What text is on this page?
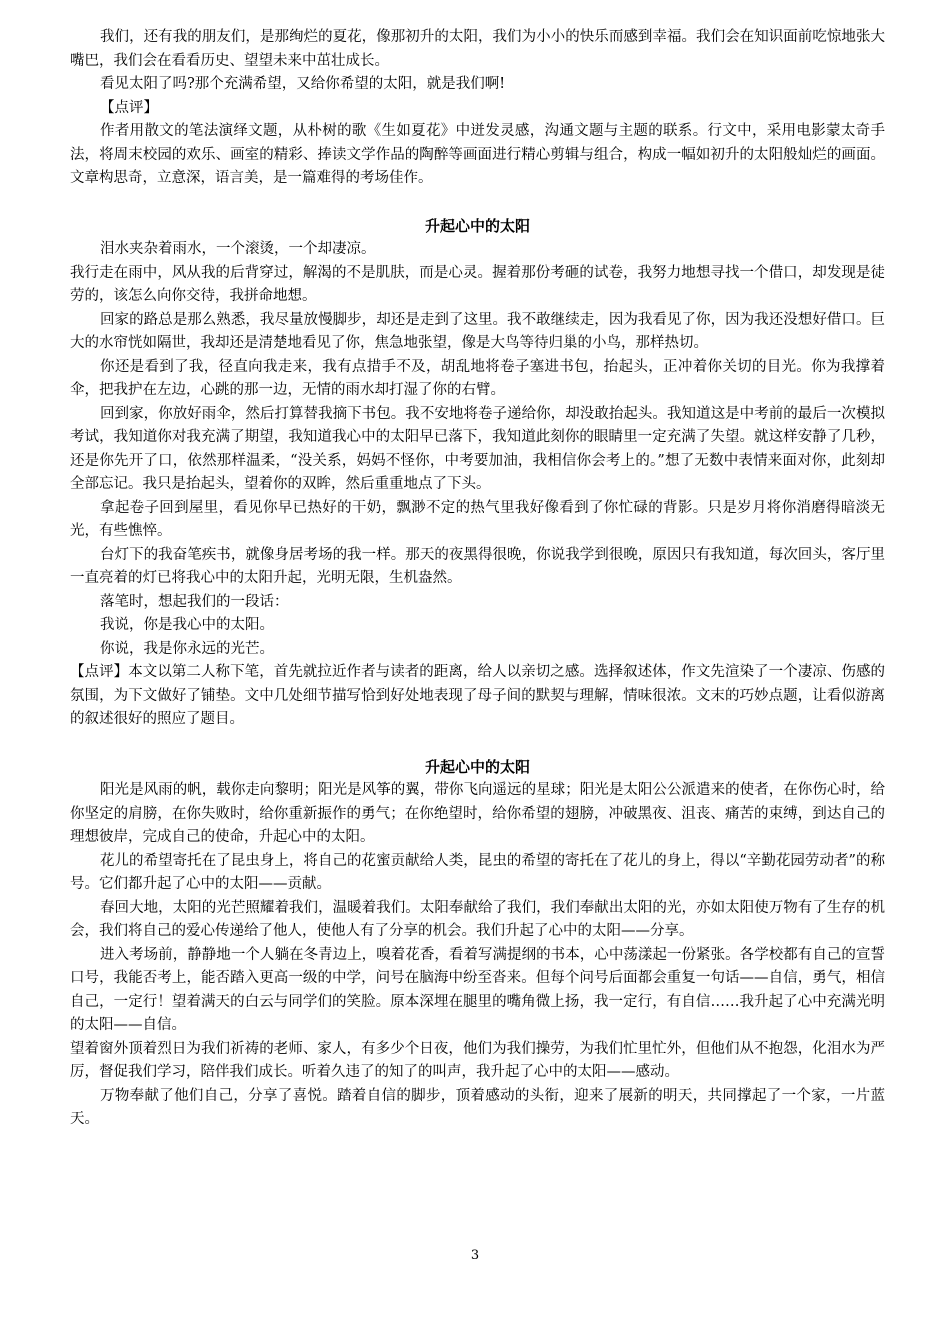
我们，还有我的朋友们，是那绚烂的夏花，像那初升的太阳，我们为小小的快乐而感到幸福。我们会在知识面前吃惊地张大嘴巴，我们会在看看历史、望望未来中茁壮成长。

看见太阳了吗?那个充满希望，又给你希望的太阳，就是我们啊!

【点评】

作者用散文的笔法演绎文题，从朴树的歌《生如夏花》中迸发灵感，沟通文题与主题的联系。行文中，采用电影蒙太奇手法，将周末校园的欢乐、画室的精彩、捧读文学作品的陶醉等画面进行精心剪辑与组合，构成一幅如初升的太阳般灿烂的画面。文章构思奇，立意深，语言美，是一篇难得的考场佳作。

升起心中的太阳

泪水夹杂着雨水，一个滚烫，一个却凄凉。

我行走在雨中，风从我的后背穿过，解渴的不是肌肤，而是心灵。握着那份考砸的试卷，我努力地想寻找一个借口，却发现是徒劳的，该怎么向你交待，我拼命地想。

回家的路总是那么熟悉，我尽量放慢脚步，却还是走到了这里。我不敢继续走，因为我看见了你，因为我还没想好借口。巨大的水帘恍如隔世，我却还是清楚地看见了你，焦急地张望，像是大鸟等待归巢的小鸟，那样热切。

你还是看到了我，径直向我走来，我有点措手不及，胡乱地将卷子塞进书包，抬起头，正冲着你关切的目光。你为我撑着伞，把我护在左边，心跳的那一边，无情的雨水却打湿了你的右臂。

回到家，你放好雨伞，然后打算替我摘下书包。我不安地将卷子递给你，却没敢抬起头。我知道这是中考前的最后一次模拟考试，我知道你对我充满了期望，我知道我心中的太阳早已落下，我知道此刻你的眼睛里一定充满了失望。就这样安静了几秒，还是你先开了口，依然那样温柔，“没关系，妈妈不怪你，中考要加油，我相信你会考上的。”想了无数中表情来面对你，此刻却全部忘记。我只是抬起头，望着你的双眸，然后重重地点了下头。

拿起卷子回到屋里，看见你早已热好的干奶，飘渺不定的热气里我好像看到了你忙碌的背影。只是岁月将你消磨得暗淡无光，有些憔悴。

台灯下的我奋笔疾书，就像身居考场的我一样。那天的夜黑得很晚，你说我学到很晚，原因只有我知道，每次回头，客厅里一直亮着的灯已将我心中的太阳升起，光明无限，生机盎然。

落笔时，想起我们的一段话：

我说，你是我心中的太阳。

你说，我是你永远的光芒。

【点评】本文以第二人称下笔，首先就拉近作者与读者的距离，给人以亲切之感。选择叙述体，作文先渲染了一个凄凉、伤感的氛围，为下文做好了铺垫。文中几处细节描写恰到好处地表现了母子间的默契与理解，情味很浓。文末的巧妙点题，让看似游离的叙述很好的照应了题目。

升起心中的太阳

阳光是风雨的帆，载你走向黎明；阳光是风筝的翼，带你飞向遥远的星球；阳光是太阳公公派遣来的使者，在你伤心时，给你坚定的肩膀，在你失败时，给你重新振作的勇气；在你绝望时，给你希望的翅膀，冲破黑夜、沮丧、痛苦的束缚，到达自己的理想彼岸，完成自己的使命，升起心中的太阳。

花儿的希望寄托在了昆虫身上，将自己的花蜜贡献给人类，昆虫的希望的寄托在了花儿的身上，得以“辛勤花园劳动者”的称号。它们都升起了心中的太阳——贡献。

春回大地，太阳的光芒照耀着我们，温暖着我们。太阳奉献给了我们，我们奉献出太阳的光，亦如太阳使万物有了生存的机会，我们将自己的爱心传递给了他人，使他人有了分享的机会。我们升起了心中的太阳——分享。

进入考场前，静静地一个人躺在冬青边上，嗅着花香，看着写满提纲的书本，心中荡漾起一份紧张。各学校都有自己的宣誓口号，我能否考上，能否踏入更高一级的中学，问号在脑海中纷至沓来。但每个问号后面都会重复一句话——自信，勇气，相信自己，一定行！望着满天的白云与同学们的笑脸。原本深埋在腿里的嘴角微上扬，我一定行，有自信……我升起了心中充满光明的太阳——自信。

望着窗外顶着烈日为我们祈祷的老师、家人，有多少个日夜，他们为我们操劳，为我们忙里忙外，但他们从不抱怨，化泪水为严厉，督促我们学习，陪伴我们成长。听着久违了的知了的叫声，我升起了心中的太阳——感动。

万物奉献了他们自己，分享了喜悦。踏着自信的脚步，顶着感动的头衔，迎来了展新的明天，共同撑起了一个家，一片蓝天。

3
